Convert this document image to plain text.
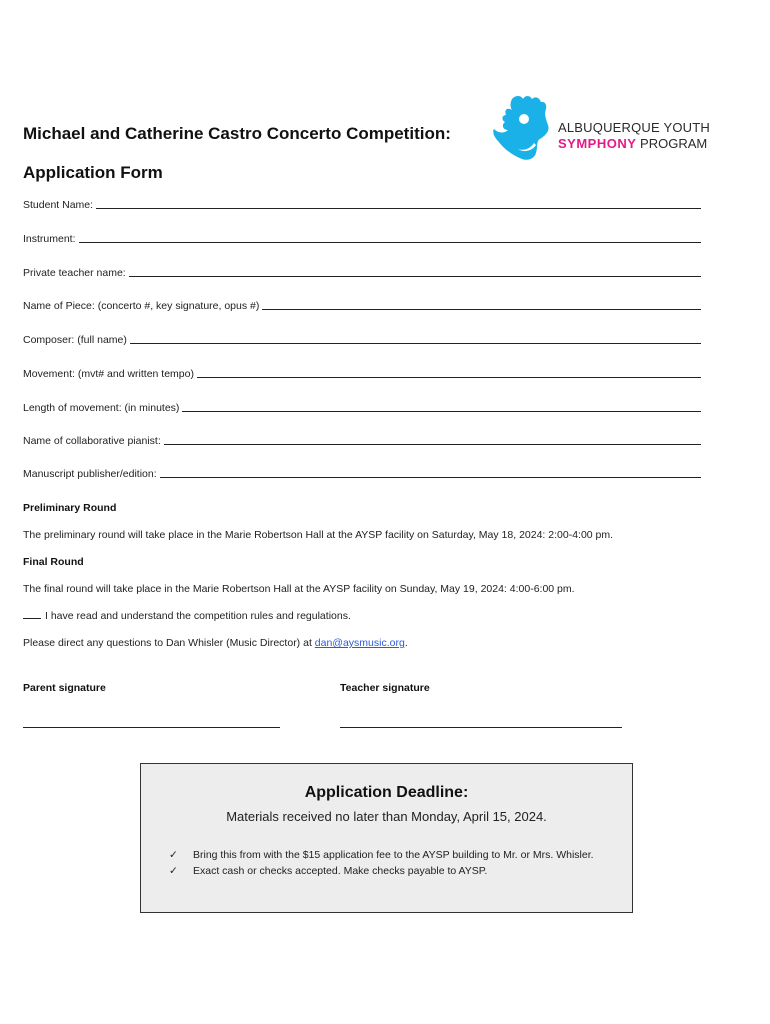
Michael and Catherine Castro Concerto Competition:
Application Form
ALBUQUERQUE YOUTH
SYMPHONY PROGRAM
Student Name:
Instrument:
Private teacher name:
Name of Piece: (concerto #, key signature, opus #)
Composer: (full name)
Movement: (mvt# and written tempo)
Length of movement: (in minutes)
Name of collaborative pianist:
Manuscript publisher/edition:
Preliminary Round
The preliminary round will take place in the Marie Robertson Hall at the AYSP facility on Saturday, May 18, 2024: 2:00-4:00 pm.
Final Round
The final round will take place in the Marie Robertson Hall at the AYSP facility on Sunday, May 19, 2024: 4:00-6:00 pm.
I have read and understand the competition rules and regulations.
Please direct any questions to Dan Whisler (Music Director) at dan@aysmusic.org.
Parent signature	Teacher signature
Application Deadline:
Materials received no later than Monday, April 15, 2024.
✓ Bring this from with the $15 application fee to the AYSP building to Mr. or Mrs. Whisler.
✓ Exact cash or checks accepted. Make checks payable to AYSP.
